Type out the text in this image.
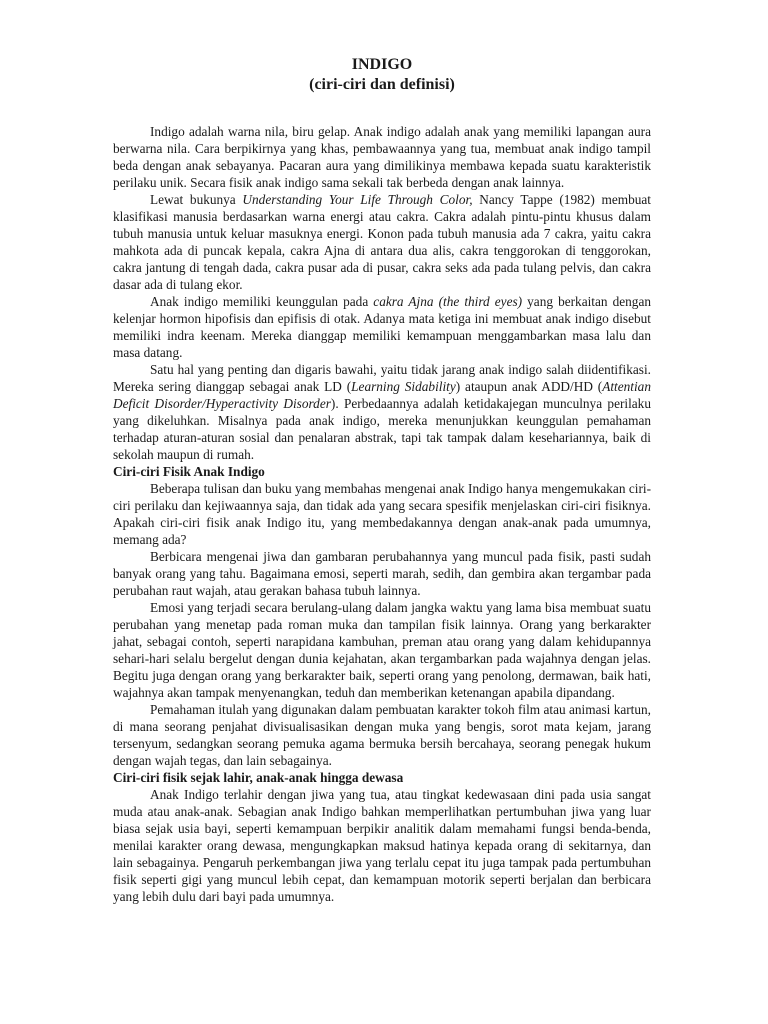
INDIGO
(ciri-ciri dan definisi)

Indigo adalah warna nila, biru gelap. Anak indigo adalah anak yang memiliki lapangan aura berwarna nila. Cara berpikirnya yang khas, pembawaannya yang tua, membuat anak indigo tampil beda dengan anak sebayanya. Pacaran aura yang dimilikinya membawa kepada suatu karakteristik perilaku unik. Secara fisik anak indigo sama sekali tak berbeda dengan anak lainnya.

Lewat bukunya Understanding Your Life Through Color, Nancy Tappe (1982) membuat klasifikasi manusia berdasarkan warna energi atau cakra. Cakra adalah pintu-pintu khusus dalam tubuh manusia untuk keluar masuknya energi. Konon pada tubuh manusia ada 7 cakra, yaitu cakra mahkota ada di puncak kepala, cakra Ajna di antara dua alis, cakra tenggorokan di tenggorokan, cakra jantung di tengah dada, cakra pusar ada di pusar, cakra seks ada pada tulang pelvis, dan cakra dasar ada di tulang ekor.

Anak indigo memiliki keunggulan pada cakra Ajna (the third eyes) yang berkaitan dengan kelenjar hormon hipofisis dan epifisis di otak. Adanya mata ketiga ini membuat anak indigo disebut memiliki indra keenam. Mereka dianggap memiliki kemampuan menggambarkan masa lalu dan masa datang.

Satu hal yang penting dan digaris bawahi, yaitu tidak jarang anak indigo salah diidentifikasi. Mereka sering dianggap sebagai anak LD (Learning Sidability) ataupun anak ADD/HD (Attentian Deficit Disorder/Hyperactivity Disorder). Perbedaannya adalah ketidakajegan munculnya perilaku yang dikeluhkan. Misalnya pada anak indigo, mereka menunjukkan keunggulan pemahaman terhadap aturan-aturan sosial dan penalaran abstrak, tapi tak tampak dalam kesehariannya, baik di sekolah maupun di rumah.

Ciri-ciri Fisik Anak Indigo

Beberapa tulisan dan buku yang membahas mengenai anak Indigo hanya mengemukakan ciri-ciri perilaku dan kejiwaannya saja, dan tidak ada yang secara spesifik menjelaskan ciri-ciri fisiknya. Apakah ciri-ciri fisik anak Indigo itu, yang membedakannya dengan anak-anak pada umumnya, memang ada?

Berbicara mengenai jiwa dan gambaran perubahannya yang muncul pada fisik, pasti sudah banyak orang yang tahu. Bagaimana emosi, seperti marah, sedih, dan gembira akan tergambar pada perubahan raut wajah, atau gerakan bahasa tubuh lainnya.

Emosi yang terjadi secara berulang-ulang dalam jangka waktu yang lama bisa membuat suatu perubahan yang menetap pada roman muka dan tampilan fisik lainnya. Orang yang berkarakter jahat, sebagai contoh, seperti narapidana kambuhan, preman atau orang yang dalam kehidupannya sehari-hari selalu bergelut dengan dunia kejahatan, akan tergambarkan pada wajahnya dengan jelas. Begitu juga dengan orang yang berkarakter baik, seperti orang yang penolong, dermawan, baik hati, wajahnya akan tampak menyenangkan, teduh dan memberikan ketenangan apabila dipandang.

Pemahaman itulah yang digunakan dalam pembuatan karakter tokoh film atau animasi kartun, di mana seorang penjahat divisualisasikan dengan muka yang bengis, sorot mata kejam, jarang tersenyum, sedangkan seorang pemuka agama bermuka bersih bercahaya, seorang penegak hukum dengan wajah tegas, dan lain sebagainya.

Ciri-ciri fisik sejak lahir, anak-anak hingga dewasa

Anak Indigo terlahir dengan jiwa yang tua, atau tingkat kedewasaan dini pada usia sangat muda atau anak-anak. Sebagian anak Indigo bahkan memperlihatkan pertumbuhan jiwa yang luar biasa sejak usia bayi, seperti kemampuan berpikir analitik dalam memahami fungsi benda-benda, menilai karakter orang dewasa, mengungkapkan maksud hatinya kepada orang di sekitarnya, dan lain sebagainya. Pengaruh perkembangan jiwa yang terlalu cepat itu juga tampak pada pertumbuhan fisik seperti gigi yang muncul lebih cepat, dan kemampuan motorik seperti berjalan dan berbicara yang lebih dulu dari bayi pada umumnya.
